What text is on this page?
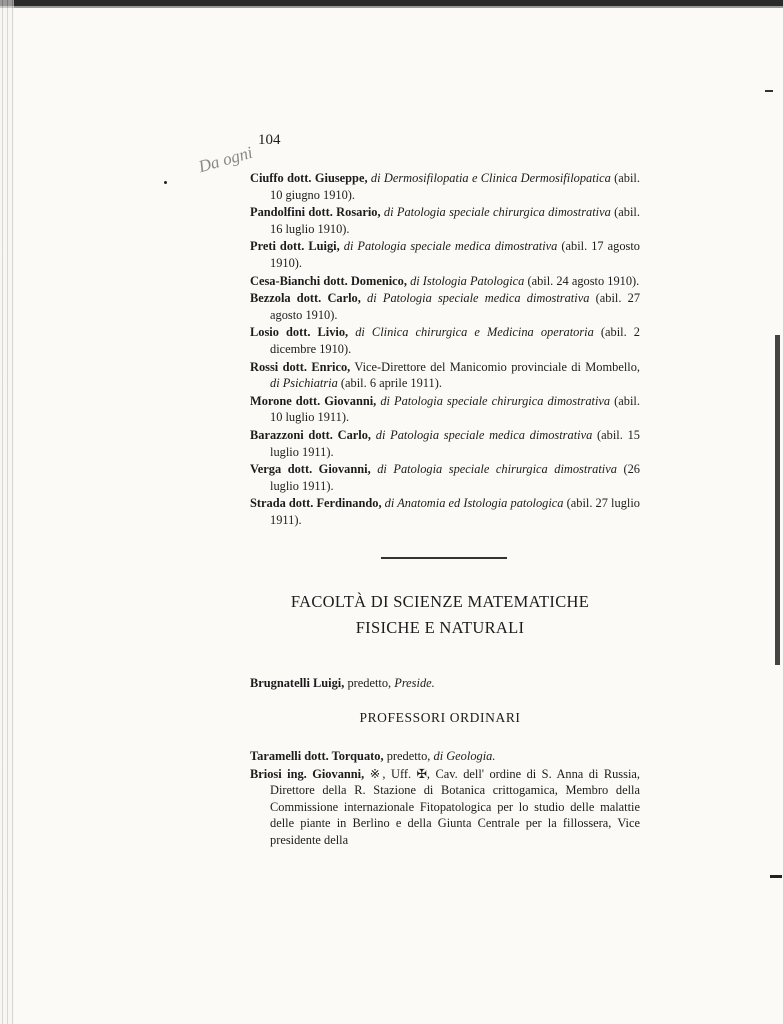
104
Da ogni

Ciuffo dott. Giuseppe, di Dermosifilopatia e Clinica Dermosifilopatica (abil. 10 giugno 1910).

Pandolfini dott. Rosario, di Patologia speciale chirurgica dimostrativa (abil. 16 luglio 1910).

Preti dott. Luigi, di Patologia speciale medica dimostrativa (abil. 17 agosto 1910).

Cesa-Bianchi dott. Domenico, di Istologia Patologica (abil. 24 agosto 1910).

Bezzola dott. Carlo, di Patologia speciale medica dimostrativa (abil. 27 agosto 1910).

Losio dott. Livio, di Clinica chirurgica e Medicina operatoria (abil. 2 dicembre 1910).

Rossi dott. Enrico, Vice-Direttore del Manicomio provinciale di Mombello, di Psichiatria (abil. 6 aprile 1911).

Morone dott. Giovanni, di Patologia speciale chirurgica dimostrativa (abil. 10 luglio 1911).

Barazzoni dott. Carlo, di Patologia speciale medica dimostrativa (abil. 15 luglio 1911).

Verga dott. Giovanni, di Patologia speciale chirurgica dimostrativa (26 luglio 1911).

Strada dott. Ferdinando, di Anatomia ed Istologia patologica (abil. 27 luglio 1911).

FACOLTÀ DI SCIENZE MATEMATICHE
FISICHE E NATURALI
Brugnatelli Luigi, predetto, Preside.
PROFESSORI ORDINARI

Taramelli dott. Torquato, predetto, di Geologia.

Briosi ing. Giovanni, ※, Uff. ✠, Cav. dell' ordine di S. Anna di Russia, Direttore della R. Stazione di Botanica crittogamica, Membro della Commissione internazionale Fitopatologica per lo studio delle malattie delle piante in Berlino e della Giunta Centrale per la fillossera, Vice presidente della
